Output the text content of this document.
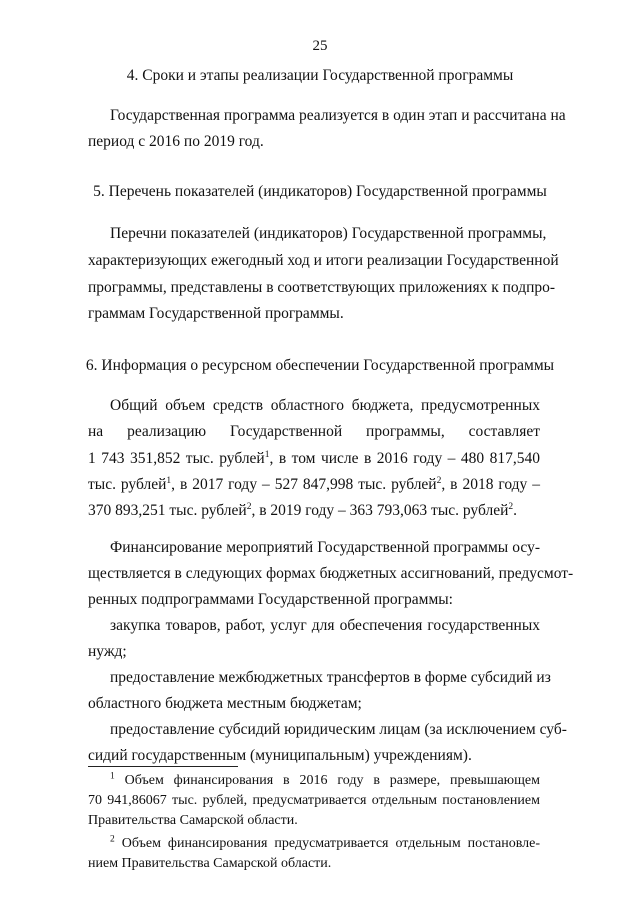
25
4. Сроки и этапы реализации Государственной программы
Государственная программа реализуется в один этап и рассчитана на
период с 2016 по 2019 год.
5. Перечень показателей (индикаторов) Государственной программы
Перечни показателей (индикаторов) Государственной программы,
характеризующих ежегодный ход и итоги реализации Государственной
программы, представлены в соответствующих приложениях к подпро-
граммам Государственной программы.
6. Информация о ресурсном обеспечении Государственной программы
Общий объем средств областного бюджета, предусмотренных
на реализацию Государственной программы, составляет
1 743 351,852 тыс. рублей$^1$, в том числе в 2016 году – 480 817,540
тыс. рублей$^1$, в 2017 году – 527 847,998 тыс. рублей$^2$, в 2018 году –
370 893,251 тыс. рублей$^2$, в 2019 году – 363 793,063 тыс. рублей$^2$.
Финансирование мероприятий Государственной программы осу-
ществляется в следующих формах бюджетных ассигнований, предусмот-
ренных подпрограммами Государственной программы:
закупка товаров, работ, услуг для обеспечения государственных
нужд;
предоставление межбюджетных трансфертов в форме субсидий из
областного бюджета местным бюджетам;
предоставление субсидий юридическим лицам (за исключением суб-
сидий государственным (муниципальным) учреждениям).
$^1$ Объем финансирования в 2016 году в размере, превышающем
70 941,86067 тыс. рублей, предусматривается отдельным постановлением
Правительства Самарской области.
$^2$ Объем финансирования предусматривается отдельным постановле-
нием Правительства Самарской области.
